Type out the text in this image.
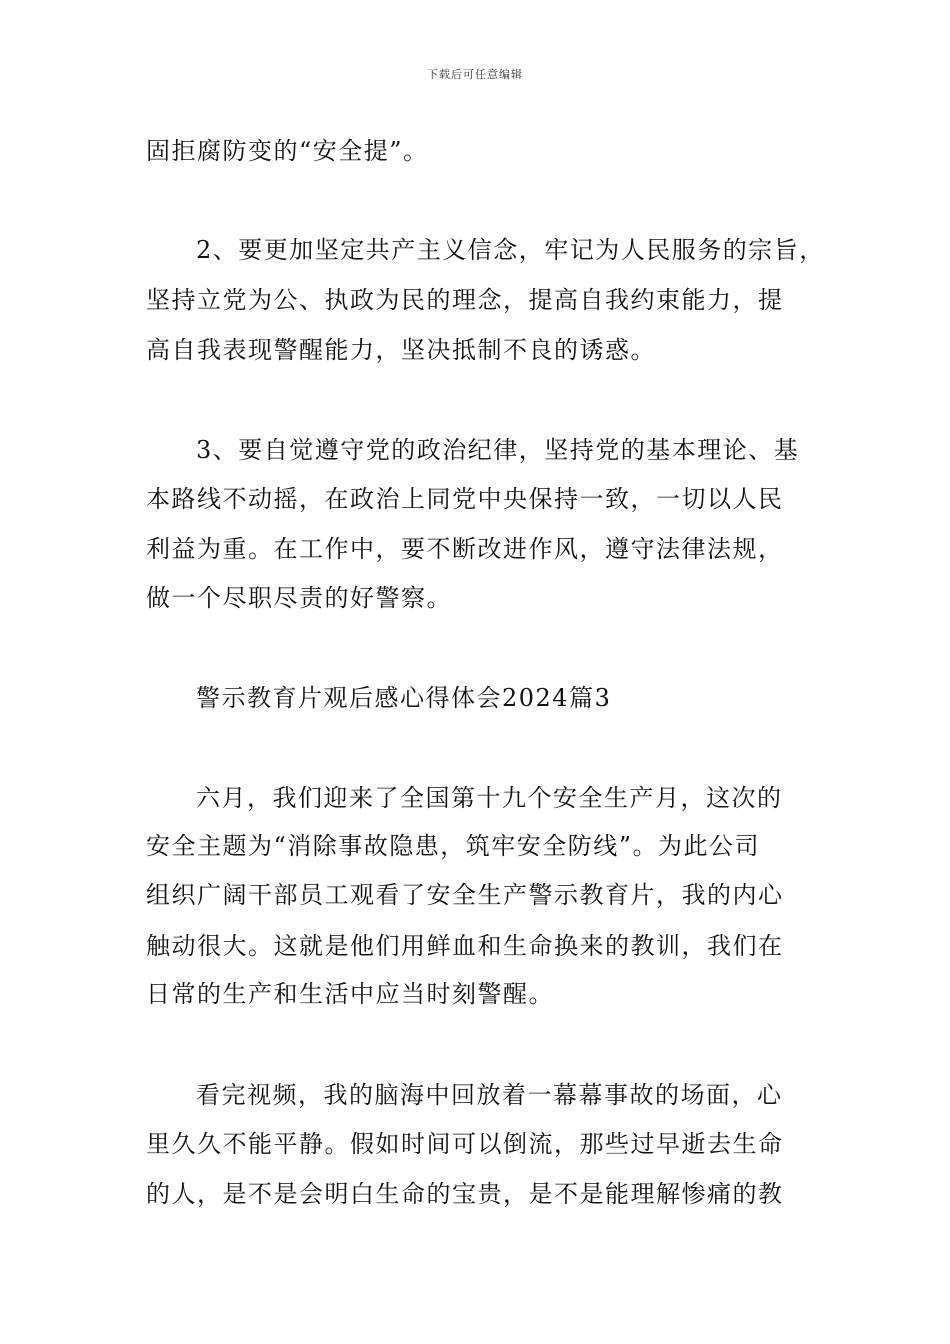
下载后可任意编辑
固拒腐防变的“安全提”。
2、要更加坚定共产主义信念，牢记为人民服务的宗旨，
坚持立党为公、执政为民的理念，提高自我约束能力，提
高自我表现警醒能力，坚决抵制不良的诱惑。
3、要自觉遵守党的政治纪律，坚持党的基本理论、基
本路线不动摇，在政治上同党中央保持一致，一切以人民
利益为重。在工作中，要不断改进作风，遵守法律法规，
做一个尽职尽责的好警察。
警示教育片观后感心得体会2024篇3
六月，我们迎来了全国第十九个安全生产月，这次的
安全主题为“消除事故隐患，筑牢安全防线”。为此公司
组织广阔干部员工观看了安全生产警示教育片，我的内心
触动很大。这就是他们用鲜血和生命换来的教训，我们在
日常的生产和生活中应当时刻警醒。
看完视频，我的脑海中回放着一幕幕事故的场面，心
里久久不能平静。假如时间可以倒流，那些过早逝去生命
的人，是不是会明白生命的宝贵，是不是能理解惨痛的教
